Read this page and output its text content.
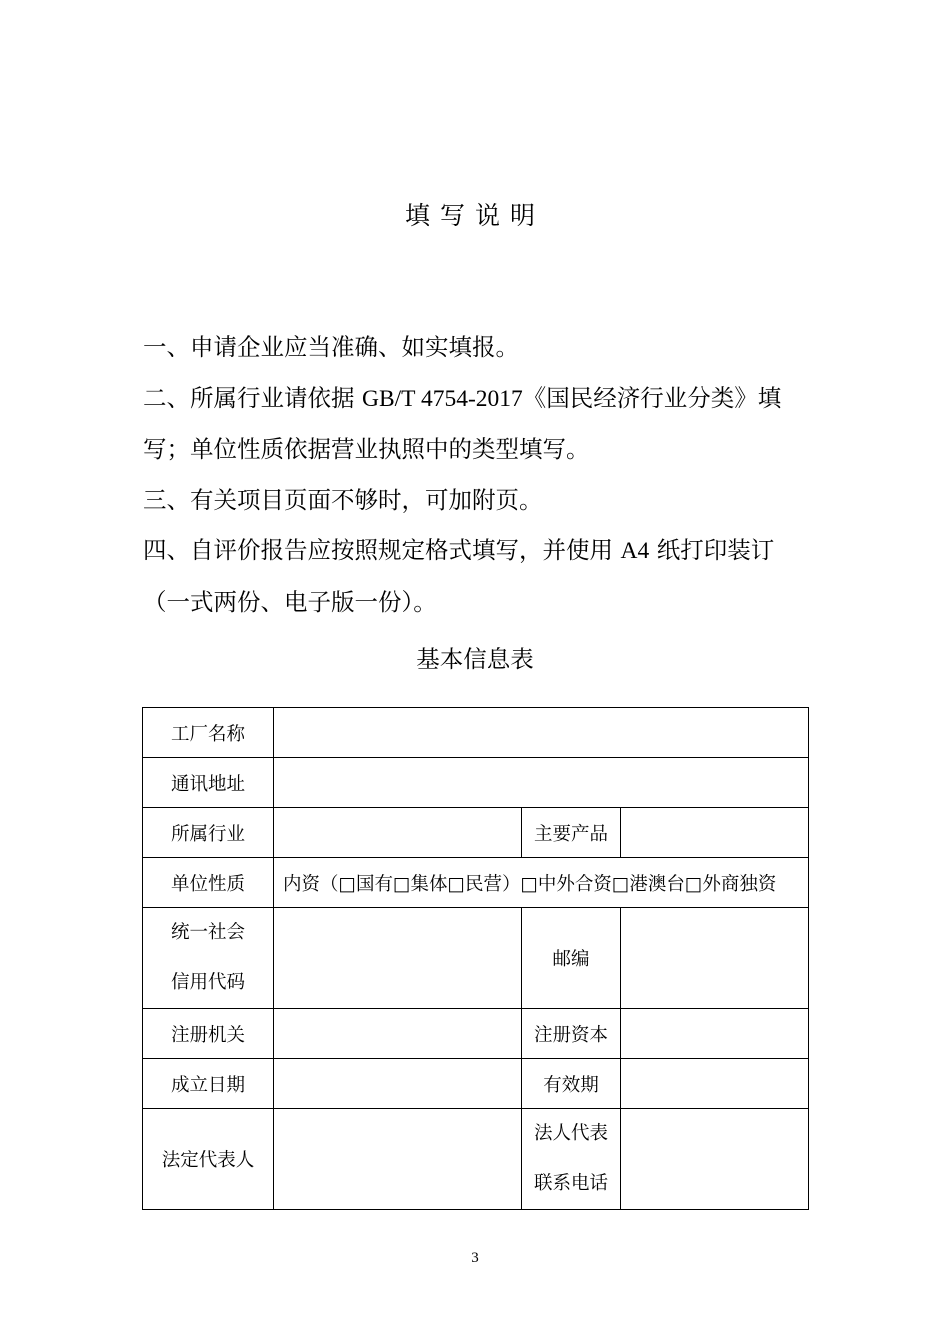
填写说明

一、申请企业应当准确、如实填报。

二、所属行业请依据 GB/T 4754-2017《国民经济行业分类》填写；单位性质依据营业执照中的类型填写。

三、有关项目页面不够时，可加附页。

四、自评价报告应按照规定格式填写，并使用 A4 纸打印装订（一式两份、电子版一份）。

基本信息表
工厂名称			
通讯地址			
所属行业		主要产品	
单位性质	内资（□国有□集体□民营）□中外合资□港澳台□外商独资		

统一社会
信用代码		邮编	
注册机关		注册资本	
成立日期		有效期	
法定代表人		法人代表
联系电话	

3
